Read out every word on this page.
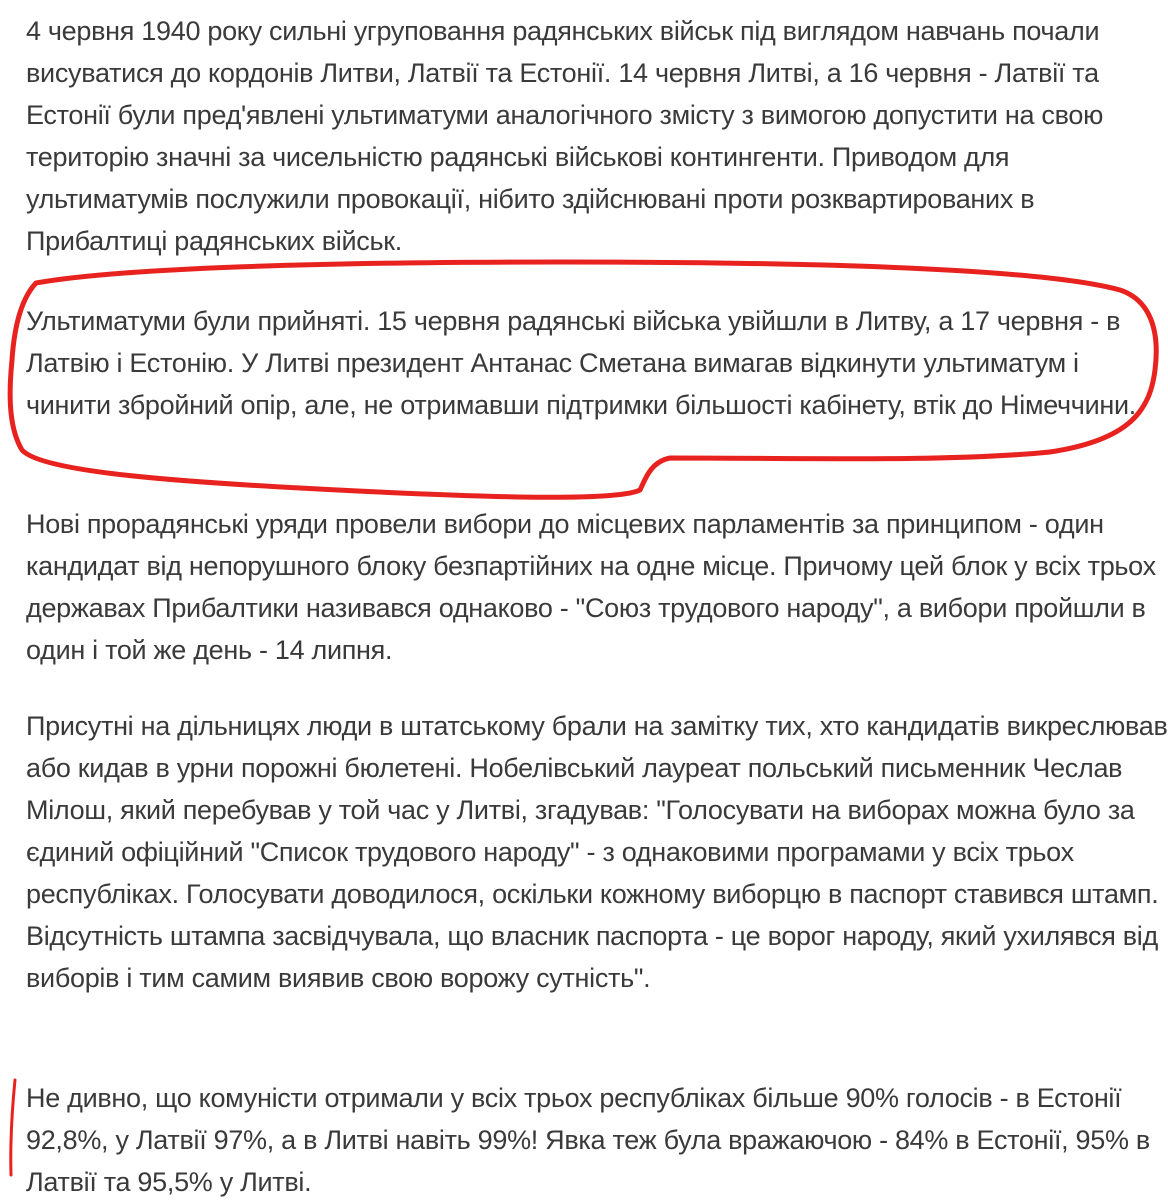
4 червня 1940 року сильні угруповання радянських військ під виглядом навчань почали висуватися до кордонів Литви, Латвії та Естонії. 14 червня Литві, а 16 червня - Латвії та Естонії були пред'явлені ультиматуми аналогічного змісту з вимогою допустити на свою територію значні за чисельністю радянські військові контингенти. Приводом для ультиматумів послужили провокації, нібито здійснювані проти розквартированих в Прибалтиці радянських військ.

Ультиматуми були прийняті. 15 червня радянські війська увійшли в Литву, а 17 червня - в Латвію і Естонію. У Литві президент Антанас Сметана вимагав відкинути ультиматум і чинити збройний опір, але, не отримавши підтримки більшості кабінету, втік до Німеччини.

Нові прорадянські уряди провели вибори до місцевих парламентів за принципом - один кандидат від непорушного блоку безпартійних на одне місце. Причому цей блок у всіх трьох державах Прибалтики називався однаково - "Союз трудового народу", а вибори пройшли в один і той же день - 14 липня.

Присутні на дільницях люди в штатському брали на замітку тих, хто кандидатів викреслював або кидав в урни порожні бюлетені. Нобелівський лауреат польський письменник Чеслав Мілош, який перебував у той час у Литві, згадував: "Голосувати на виборах можна було за єдиний офіційний "Список трудового народу" - з однаковими програмами у всіх трьох республіках. Голосувати доводилося, оскільки кожному виборцю в паспорт ставився штамп. Відсутність штампа засвідчувала, що власник паспорта - це ворог народу, який ухилявся від виборів і тим самим виявив свою ворожу сутність".

Не дивно, що комуністи отримали у всіх трьох республіках більше 90% голосів - в Естонії 92,8%, у Латвії 97%, а в Литві навіть 99%! Явка теж була вражаючою - 84% в Естонії, 95% в Латвії та 95,5% у Литві.
